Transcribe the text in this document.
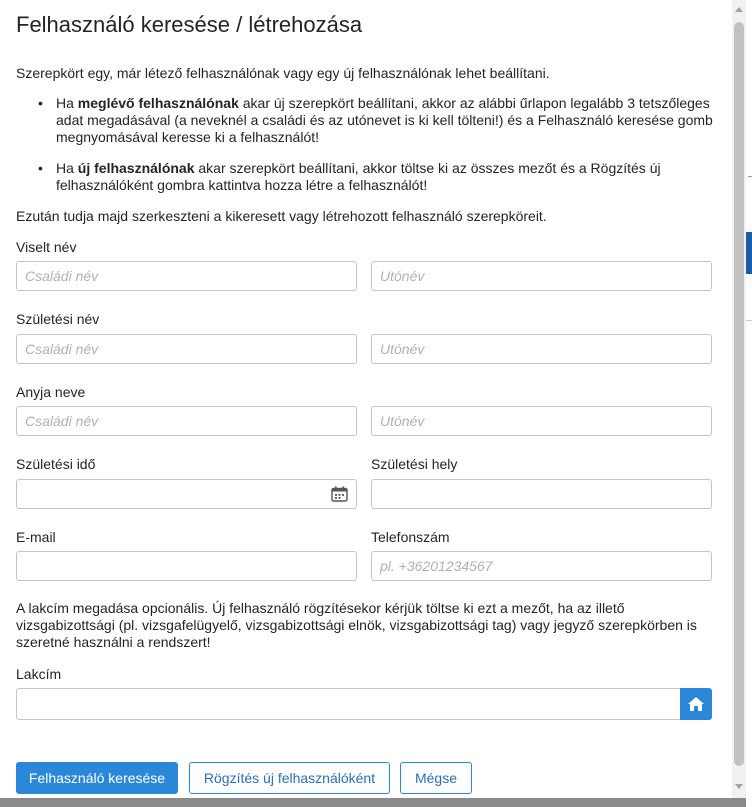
Felhasználó keresése / létrehozása

Szerepkört egy, már létező felhasználónak vagy egy új felhasználónak lehet beállítani.

• Ha meglévő felhasználónak akar új szerepkört beállítani, akkor az alábbi űrlapon legalább 3 tetszőleges
adat megadásával (a neveknél a családi és az utónevet is ki kell tölteni!) és a Felhasználó keresése gomb
megnyomásával keresse ki a felhasználót!
• Ha új felhasználónak akar szerepkört beállítani, akkor töltse ki az összes mezőt és a Rögzítés új
felhasználóként gombra kattintva hozza létre a felhasználót!

Ezután tudja majd szerkeszteni a kikeresett vagy létrehozott felhasználó szerepköreit.

Viselt név
Családi név
Utónév
Születési név
Családi név
Utónév
Anyja neve
Családi név
Utónév
Születési idő	Születési hely
E-mail	Telefonszám
pl. +36201234567
A lakcím megadása opcionális. Új felhasználó rögzítésekor kérjük töltse ki ezt a mezőt, ha az illető
vizsgabizottsági (pl. vizsgafelügyelő, vizsgabizottsági elnök, vizsgabizottsági tag) vagy jegyző szerepkörben is
szeretné használni a rendszert!
Lakcím
Felhasználó keresése	Rögzítés új felhasználóként	Mégse
